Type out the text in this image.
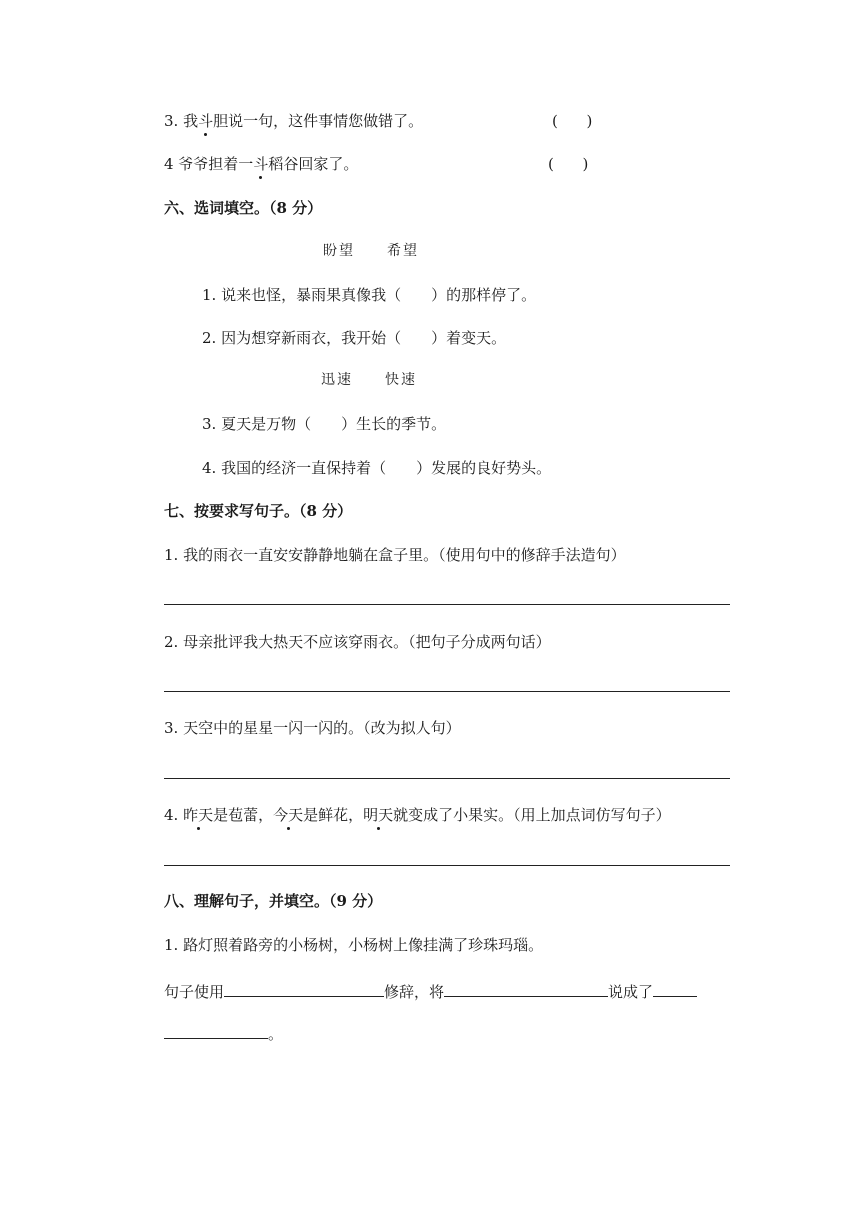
3. 我斗胆说一句，这件事情您做错了。	(      )
4 爷爷担着一斗稻谷回家了。	(      )
六、选词填空。（8 分）
盼望 希望
1. 说来也怪，暴雨果真像我（　　）的那样停了。
2. 因为想穿新雨衣，我开始（　　）着变天。
迅速 快速
3. 夏天是万物（　　）生长的季节。
4. 我国的经济一直保持着（　　）发展的良好势头。
七、按要求写句子。（8 分）
1. 我的雨衣一直安安静静地躺在盒子里。（使用句中的修辞手法造句）
2. 母亲批评我大热天不应该穿雨衣。（把句子分成两句话）
3. 天空中的星星一闪一闪的。（改为拟人句）
4. 昨天是苞蕾，今天是鲜花，明天就变成了小果实。（用上加点词仿写句子）
八、理解句子，并填空。（9 分）
1. 路灯照着路旁的小杨树，小杨树上像挂满了珍珠玛瑙。
句子使用	修辞，将	说成了
。
